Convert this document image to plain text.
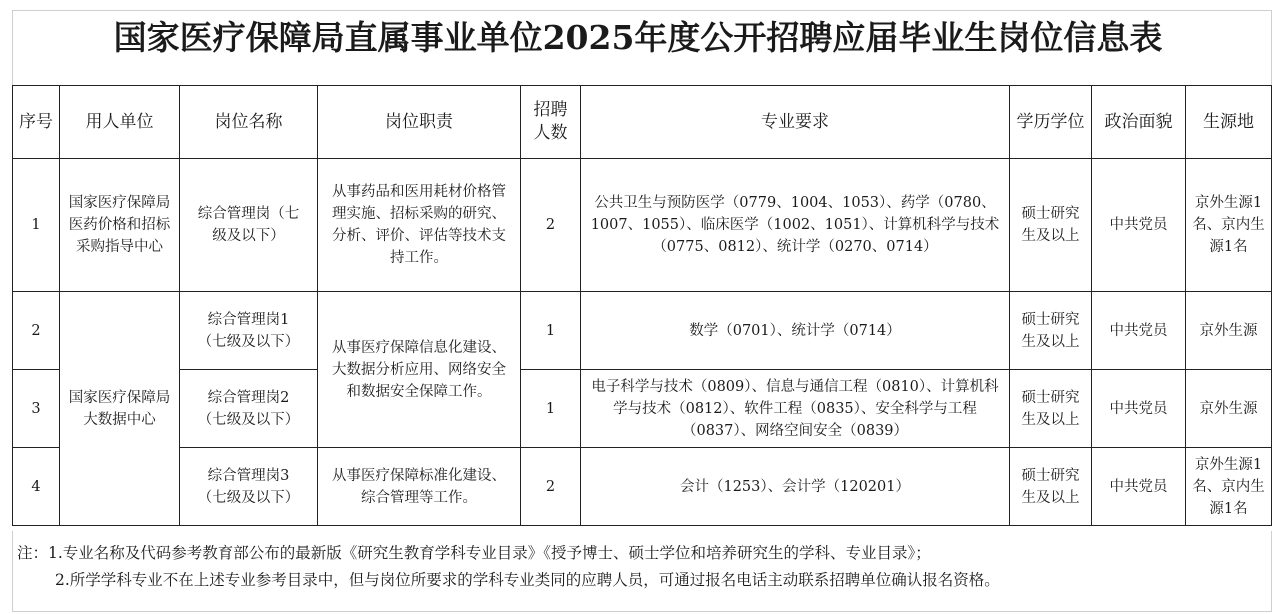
国家医疗保障局直属事业单位2025年度公开招聘应届毕业生岗位信息表
序号	用人单位	岗位名称	岗位职责	招聘人数	专业要求	学历学位	政治面貌	生源地
1	国家医疗保障局医药价格和招标采购指导中心	综合管理岗（七级及以下）	从事药品和医用耗材价格管理实施、招标采购的研究、分析、评价、评估等技术支持工作。	2	公共卫生与预防医学（0779、1004、1053）、药学（0780、1007、1055）、临床医学（1002、1051）、计算机科学与技术（0775、0812）、统计学（0270、0714）	硕士研究生及以上	中共党员	京外生源1名、京内生源1名
2	国家医疗保障局大数据中心	综合管理岗1（七级及以下）	从事医疗保障信息化建设、大数据分析应用、网络安全和数据安全保障工作。	1	数学（0701）、统计学（0714）	硕士研究生及以上	中共党员	京外生源
3		综合管理岗2（七级及以下）		1	电子科学与技术（0809）、信息与通信工程（0810）、计算机科学与技术（0812）、软件工程（0835）、安全科学与工程（0837）、网络空间安全（0839）	硕士研究生及以上	中共党员	京外生源
4		综合管理岗3（七级及以下）	从事医疗保障标准化建设、综合管理等工作。	2	会计（1253）、会计学（120201）	硕士研究生及以上	中共党员	京外生源1名、京内生源1名
注：1.专业名称及代码参考教育部公布的最新版《研究生教育学科专业目录》《授予博士、硕士学位和培养研究生的学科、专业目录》；
2.所学学科专业不在上述专业参考目录中，但与岗位所要求的学科专业类同的应聘人员，可通过报名电话主动联系招聘单位确认报名资格。
